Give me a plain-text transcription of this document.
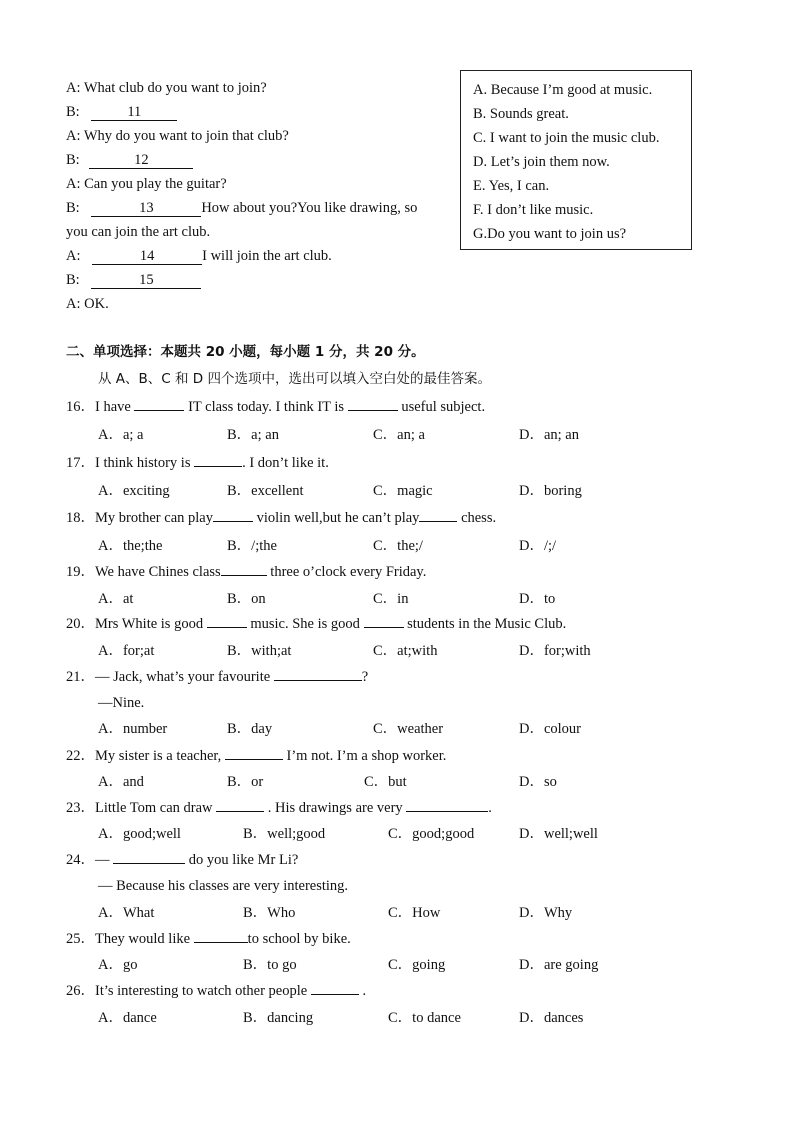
A: What club do you want to join?
B:	11
A: Why do you want to join that club?
B:	12
A: Can you play the guitar?
B:	13	How about you?You like drawing, so
you can join the art club.
A:	14	I will join the art club.
B:	15
A: OK.
A. Because I’m good at music.
B. Sounds great.
C. I want to join the music club.
D. Let’s join them now.
E. Yes, I can.
F. I don’t like music.
G.Do you want to join us?
二、单项选择：本题共 20 小题，每小题 1 分，共 20 分。
从 A、B、C 和 D 四个选项中，选出可以填入空白处的最佳答案。
16．I have	IT class today. I think IT is	useful subject.
A．a; a	B．a; an	C．an; a	D．an; an
17．I think history is	. I don’t like it.
A．exciting	B．excellent	C．magic	D．boring
18．My brother can play	violin well,but he can’t play	chess.
A．the;the	B．/;the	C．the;/	D．/;/
19．We have Chines class	three o’clock every Friday.
A．at	B．on	C．in	D．to
20．Mrs White is good	music. She is good	students in the Music Club.
A．for;at	B．with;at	C．at;with	D．for;with
21．— Jack, what’s your favourite	?
—Nine.
A．number	B．day	C．weather	D．colour
22．My sister is a teacher,	I’m not. I’m a shop worker.
A．and	B．or	C．but	D．so
23．Little Tom can draw	. His drawings are very	.
A．good;well	B．well;good	C．good;good	D．well;well
24．—	do you like Mr Li?
— Because his classes are very interesting.
A．What	B．Who	C．How	D．Why
25．They would like	to school by bike.
A．go	B．to go	C．going	D．are going
26．It’s interesting to watch other people	.
A．dance	B．dancing	C．to dance	D．dances
